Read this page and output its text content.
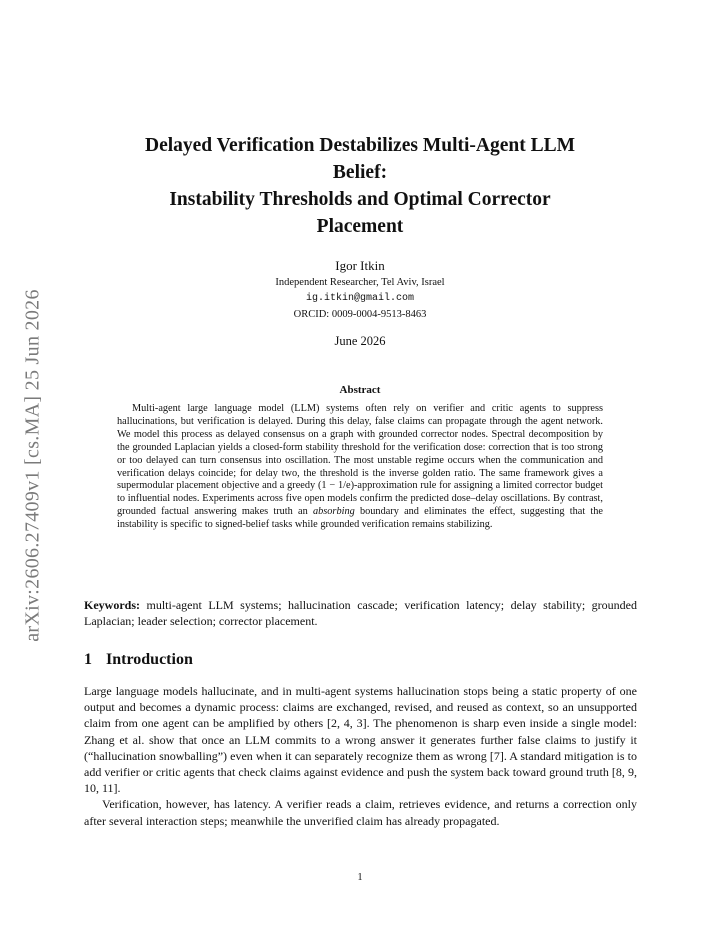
arXiv:2606.27409v1 [cs.MA] 25 Jun 2026
Delayed Verification Destabilizes Multi-Agent LLM
Belief:
Instability Thresholds and Optimal Corrector
Placement
Igor Itkin
Independent Researcher, Tel Aviv, Israel
ig.itkin@gmail.com
ORCID: 0009-0004-9513-8463
June 2026
Abstract

Multi-agent large language model (LLM) systems often rely on verifier and critic agents to suppress hallucinations, but verification is delayed. During this delay, false claims can propagate through the agent network. We model this process as delayed consensus on a graph with grounded corrector nodes. Spectral decomposition by the grounded Laplacian yields a closed-form stability threshold for the verification dose: correction that is too strong or too delayed can turn consensus into oscillation. The most unstable regime occurs when the communication and verification delays coincide; for delay two, the threshold is the inverse golden ratio. The same framework gives a supermodular placement objective and a greedy (1 − 1/e)-approximation rule for assigning a limited corrector budget to influential nodes. Experiments across five open models confirm the predicted dose–delay oscillations. By contrast, grounded factual answering makes truth an absorbing boundary and eliminates the effect, suggesting that the instability is specific to signed-belief tasks while grounded verification remains stabilizing.

Keywords: multi-agent LLM systems; hallucination cascade; verification latency; delay stability; grounded Laplacian; leader selection; corrector placement.

1 Introduction

Large language models hallucinate, and in multi-agent systems hallucination stops being a static property of one output and becomes a dynamic process: claims are exchanged, revised, and reused as context, so an unsupported claim from one agent can be amplified by others [2, 4, 3]. The phenomenon is sharp even inside a single model: Zhang et al. show that once an LLM commits to a wrong answer it generates further false claims to justify it (“hallucination snowballing”) even when it can separately recognize them as wrong [7]. A standard mitigation is to add verifier or critic agents that check claims against evidence and push the system back toward ground truth [8, 9, 10, 11].

Verification, however, has latency. A verifier reads a claim, retrieves evidence, and returns a correction only after several interaction steps; meanwhile the unverified claim has already propagated.

1
